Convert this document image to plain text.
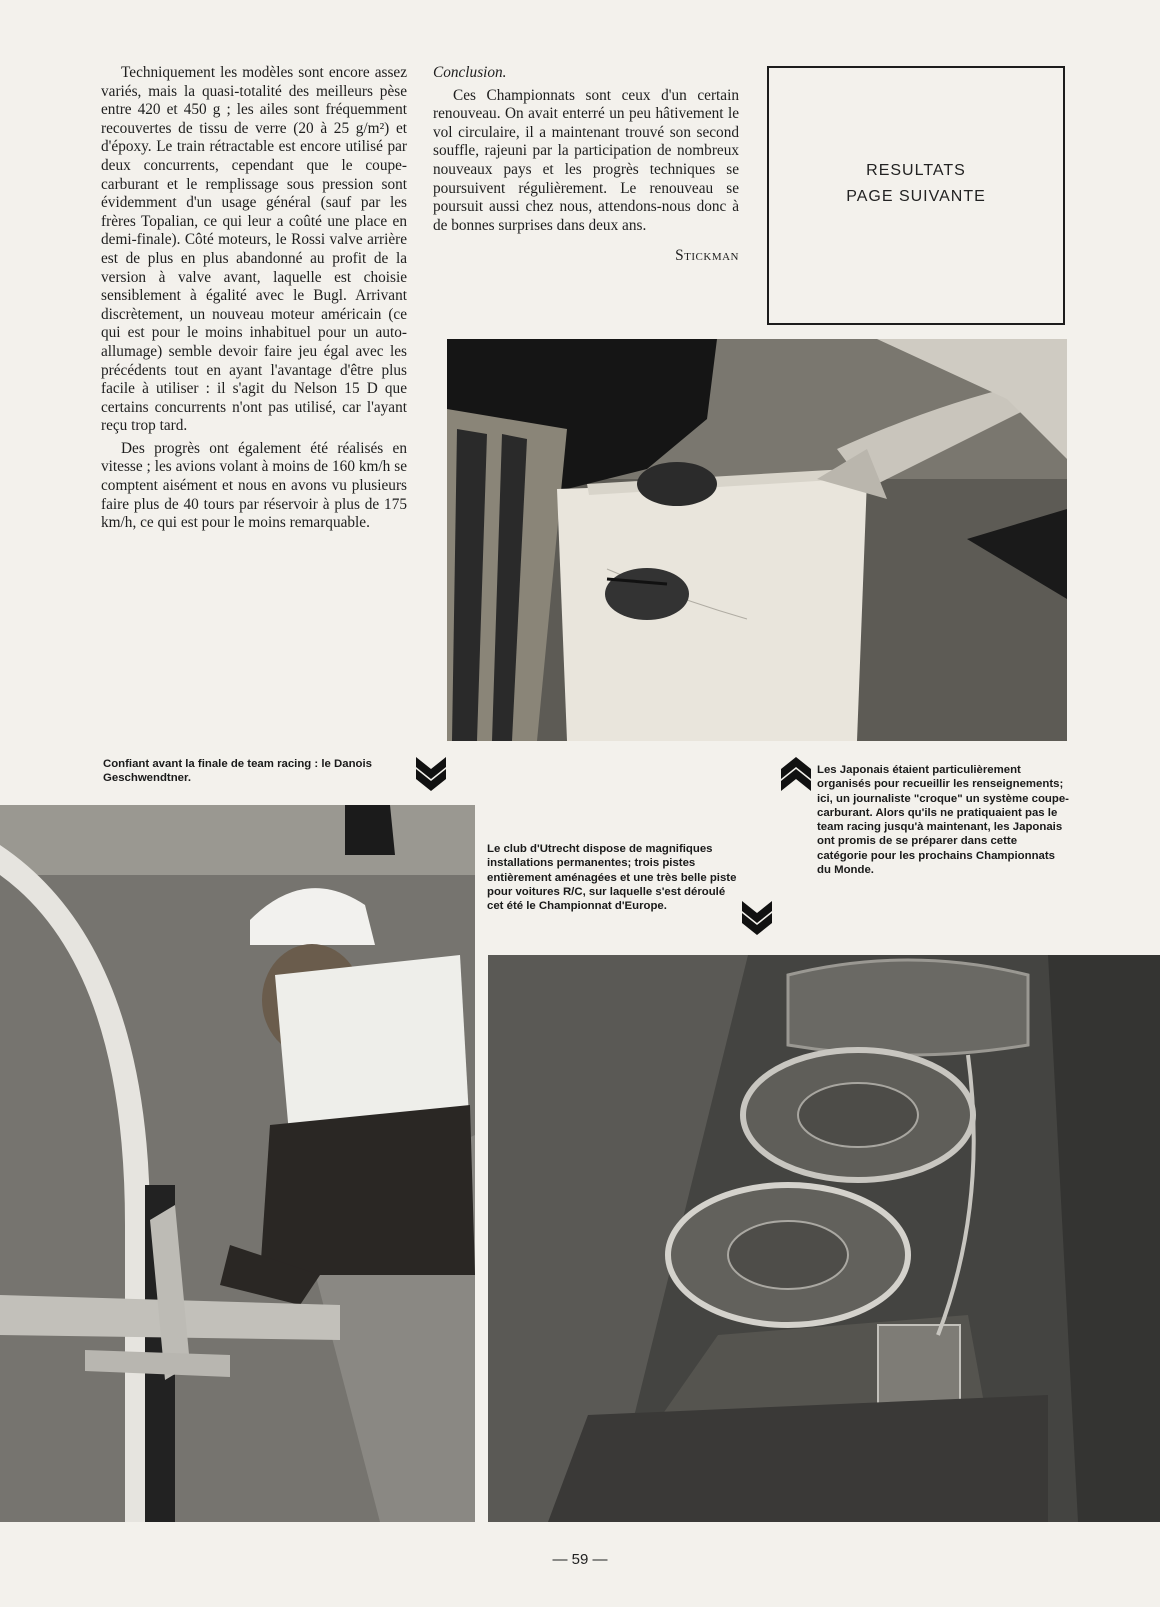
Techniquement les modèles sont encore assez variés, mais la quasi-totalité des meilleurs pèse entre 420 et 450 g ; les ailes sont fréquemment recouvertes de tissu de verre (20 à 25 g/m²) et d'époxy. Le train rétractable est encore utilisé par deux concurrents, cependant que le coupe-carburant et le remplissage sous pression sont évidemment d'un usage général (sauf par les frères Topalian, ce qui leur a coûté une place en demi-finale). Côté moteurs, le Rossi valve arrière est de plus en plus abandonné au profit de la version à valve avant, laquelle est choisie sensiblement à égalité avec le Bugl. Arrivant discrètement, un nouveau moteur américain (ce qui est pour le moins inhabituel pour un auto-allumage) semble devoir faire jeu égal avec les précédents tout en ayant l'avantage d'être plus facile à utiliser : il s'agit du Nelson 15 D que certains concurrents n'ont pas utilisé, car l'ayant reçu trop tard.

Des progrès ont également été réalisés en vitesse ; les avions volant à moins de 160 km/h se comptent aisément et nous en avons vu plusieurs faire plus de 40 tours par réservoir à plus de 175 km/h, ce qui est pour le moins remarquable.

Conclusion.

Ces Championnats sont ceux d'un certain renouveau. On avait enterré un peu hâtivement le vol circulaire, il a maintenant trouvé son second souffle, rajeuni par la participation de nombreux nouveaux pays et les progrès techniques se poursuivent régulièrement. Le renouveau se poursuit aussi chez nous, attendons-nous donc à de bonnes surprises dans deux ans.

Stickman

RESULTATS
PAGE SUIVANTE
Confiant avant la finale de team racing : le Danois Geschwendtner.
Les Japonais étaient particulièrement organisés pour recueillir les renseignements; ici, un journaliste "croque" un système coupe-carburant. Alors qu'ils ne pratiquaient pas le team racing jusqu'à maintenant, les Japonais ont promis de se préparer dans cette catégorie pour les prochains Championnats du Monde.
Le club d'Utrecht dispose de magnifiques installations permanentes; trois pistes entièrement aménagées et une très belle piste pour voitures R/C, sur laquelle s'est déroulé cet été le Championnat d'Europe.
— 59 —
